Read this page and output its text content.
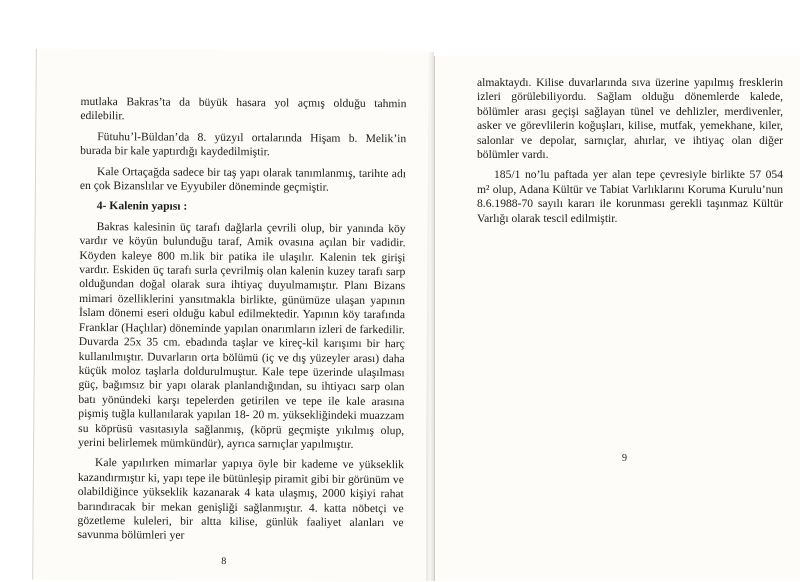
mutlaka Bakras’ta da büyük hasara yol açmış olduğu tahmin edilebilir.

Fütuhu’l-Büldan’da 8. yüzyıl ortalarında Hişam b. Melik’in burada bir kale yaptırdığı kaydedilmiştir.

Kale Ortaçağda sadece bir taş yapı olarak tanımlanmış, tarihte adı en çok Bizanslılar ve Eyyubiler döneminde geçmiştir.

4- Kalenin yapısı :

Bakras kalesinin üç tarafı dağlarla çevrili olup, bir yanında köy vardır ve köyün bulunduğu taraf, Amik ovasına açılan bir vadidir. Köyden kaleye 800 m.lik bir patika ile ulaşılır. Kalenin tek girişi vardır. Eskiden üç tarafı surla çevrilmiş olan kalenin kuzey tarafı sarp olduğundan doğal olarak sura ihtiyaç duyulmamıştır. Planı Bizans mimari özelliklerini yansıtmakla birlikte, günümüze ulaşan yapının İslam dönemi eseri olduğu kabul edilmektedir. Yapının köy tarafında Franklar (Haçlılar) döneminde yapılan onarımların izleri de farkedilir. Duvarda 25x 35 cm. ebadında taşlar ve kireç-kil karışımı bir harç kullanılmıştır. Duvarların orta bölümü (iç ve dış yüzeyler arası) daha küçük moloz taşlarla doldurulmuştur. Kale tepe üzerinde ulaşılması güç, bağımsız bir yapı olarak planlandığından, su ihtiyacı sarp olan batı yönündeki karşı tepelerden getirilen ve tepe ile kale arasına pişmiş tuğla kullanılarak yapılan 18- 20 m. yüksekliğindeki muazzam su köprüsü vasıtasıyla sağlanmış, (köprü geçmişte yıkılmış olup, yerini belirlemek mümkündür), ayrıca sarnıçlar yapılmıştır.

Kale yapılırken mimarlar yapıya öyle bir kademe ve yükseklik kazandırmıştır ki, yapı tepe ile bütünleşip piramit gibi bir görünüm ve olabildiğince yükseklik kazanarak 4 kata ulaşmış, 2000 kişiyi rahat barındıracak bir mekan genişliği sağlanmıştır. 4. katta nöbetçi ve gözetleme kuleleri, bir altta kilise, günlük faaliyet alanları ve savunma bölümleri yer

8

almaktaydı. Kilise duvarlarında sıva üzerine yapılmış fresklerin izleri görülebiliyordu. Sağlam olduğu dönemlerde kalede, bölümler arası geçişi sağlayan tünel ve dehlizler, merdivenler, asker ve görevlilerin koğuşları, kilise, mutfak, yemekhane, kiler, salonlar ve depolar, sarnıçlar, ahırlar, ve ihtiyaç olan diğer bölümler vardı.

185/1 no’lu paftada yer alan tepe çevresiyle birlikte 57 054 m² olup, Adana Kültür ve Tabiat Varlıklarını Koruma Kurulu’nun 8.6.1988-70 sayılı kararı ile korunması gerekli taşınmaz Kültür Varlığı olarak tescil edilmiştir.

9
